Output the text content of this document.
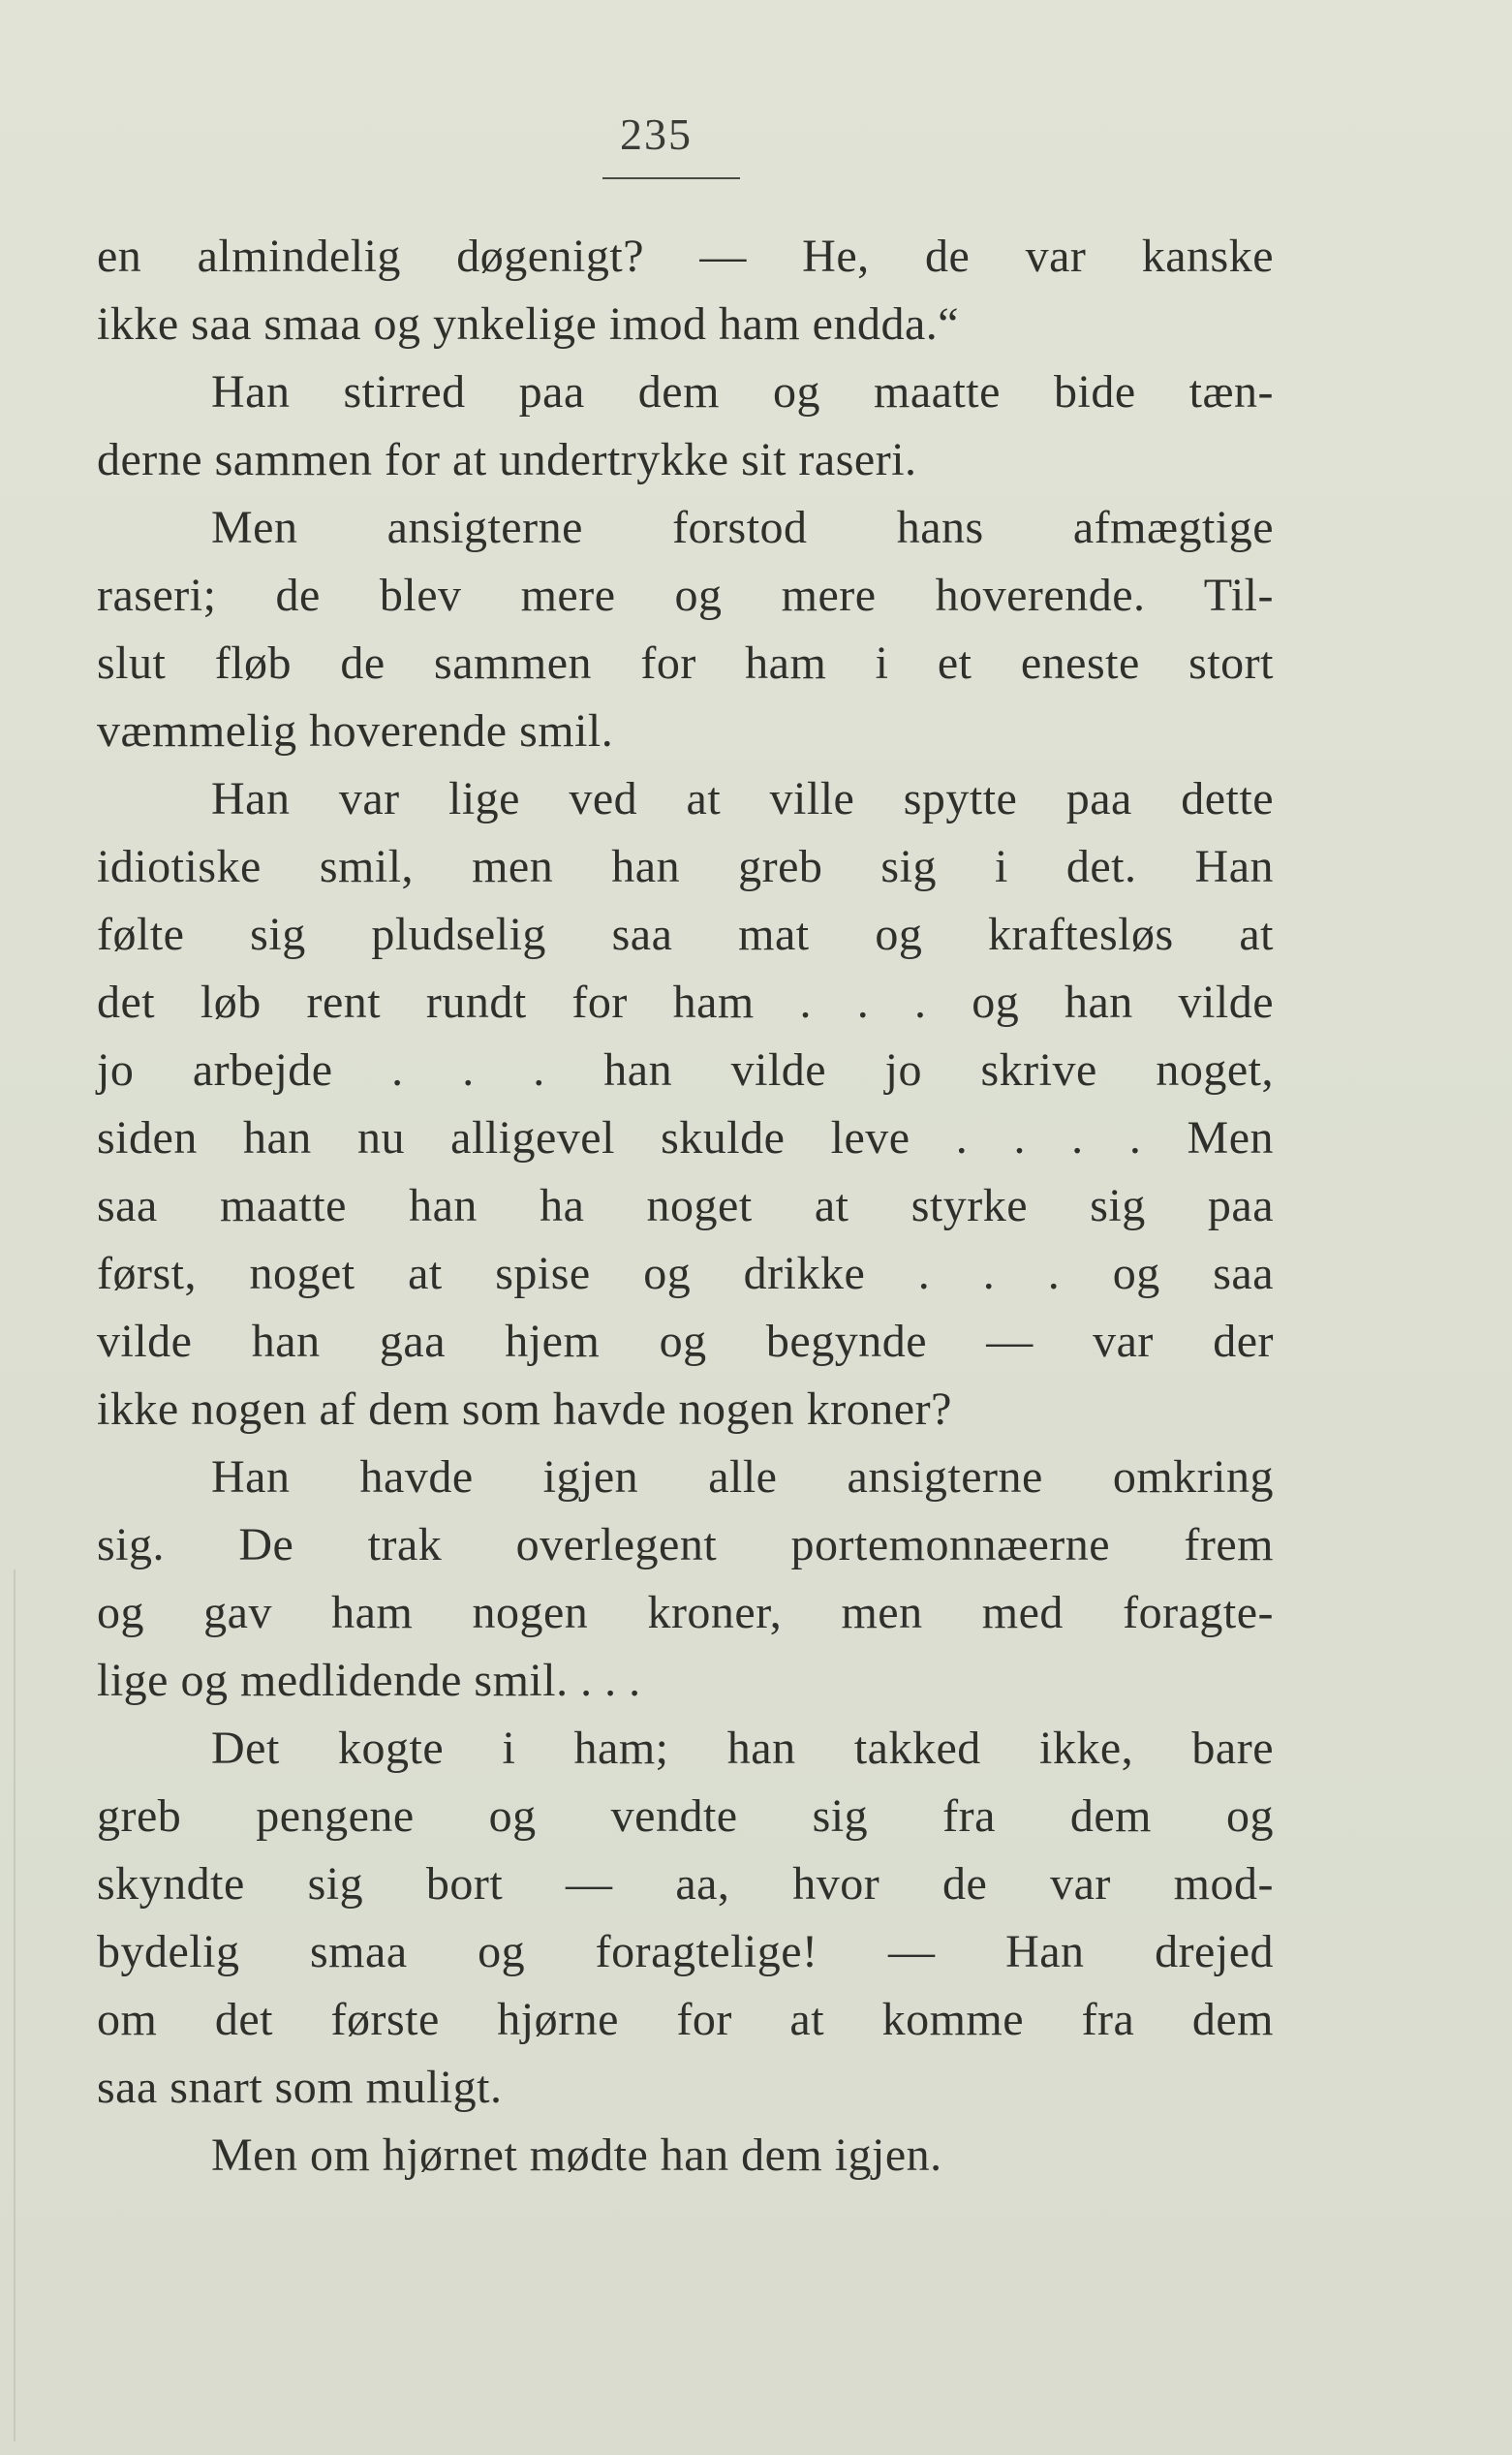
235
en almindelig døgenigt? — He, de var kanske
ikke saa smaa og ynkelige imod ham endda.“
Han stirred paa dem og maatte bide tæn-
derne sammen for at undertrykke sit raseri.
Men ansigterne forstod hans afmægtige
raseri; de blev mere og mere hoverende. Til-
slut fløb de sammen for ham i et eneste stort
væmmelig hoverende smil.
Han var lige ved at ville spytte paa dette
idiotiske smil, men han greb sig i det. Han
følte sig pludselig saa mat og kraftesløs at
det løb rent rundt for ham . . . og han vilde
jo arbejde . . . han vilde jo skrive noget,
siden han nu alligevel skulde leve . . . . Men
saa maatte han ha noget at styrke sig paa
først, noget at spise og drikke . . . og saa
vilde han gaa hjem og begynde — var der
ikke nogen af dem som havde nogen kroner?
Han havde igjen alle ansigterne omkring
sig. De trak overlegent portemonnæerne frem
og gav ham nogen kroner, men med foragte-
lige og medlidende smil. . . .
Det kogte i ham; han takked ikke, bare
greb pengene og vendte sig fra dem og
skyndte sig bort — aa, hvor de var mod-
bydelig smaa og foragtelige! — Han drejed
om det første hjørne for at komme fra dem
saa snart som muligt.
Men om hjørnet mødte han dem igjen.
